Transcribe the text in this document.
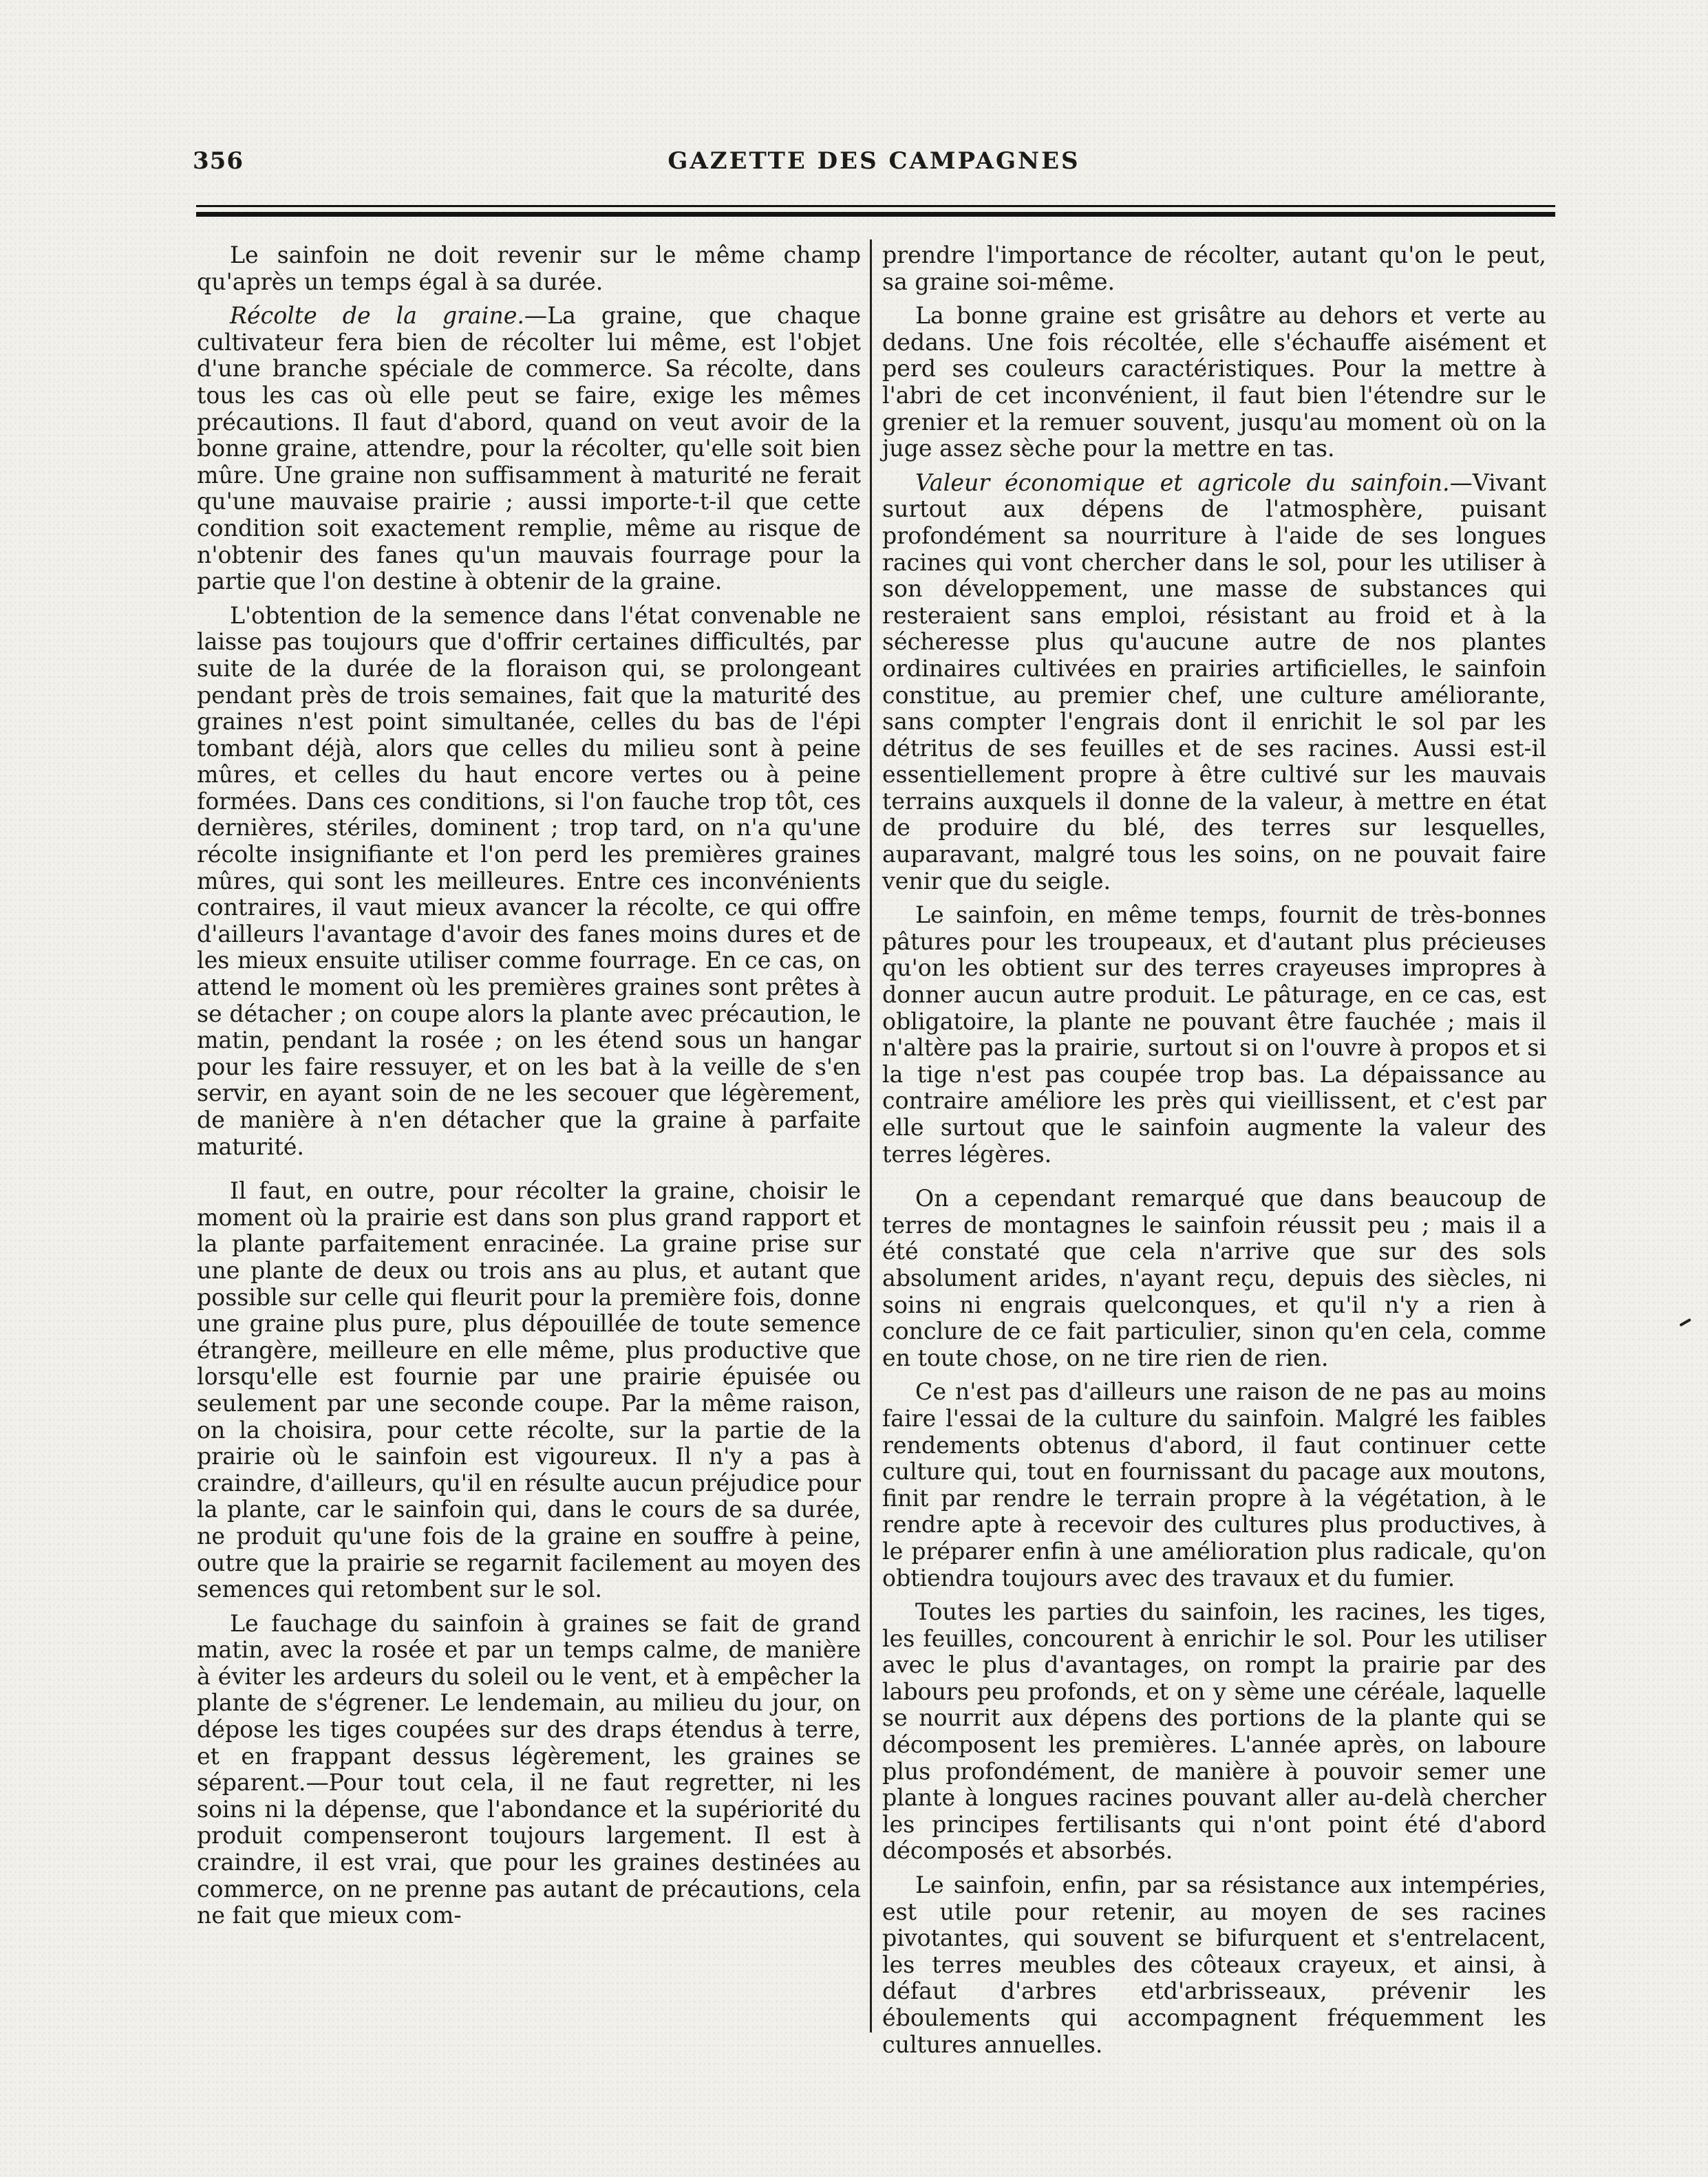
356	GAZETTE DES CAMPAGNES

Le sainfoin ne doit revenir sur le même champ qu'après un temps égal à sa durée.

Récolte de la graine.—La graine, que chaque cultivateur fera bien de récolter lui même, est l'objet d'une branche spéciale de commerce. Sa récolte, dans tous les cas où elle peut se faire, exige les mêmes précautions. Il faut d'abord, quand on veut avoir de la bonne graine, attendre, pour la récolter, qu'elle soit bien mûre. Une graine non suffisamment à maturité ne ferait qu'une mauvaise prairie ; aussi importe-t-il que cette condition soit exactement remplie, même au risque de n'obtenir des fanes qu'un mauvais fourrage pour la partie que l'on destine à obtenir de la graine.

L'obtention de la semence dans l'état convenable ne laisse pas toujours que d'offrir certaines difficultés, par suite de la durée de la floraison qui, se prolongeant pendant près de trois semaines, fait que la maturité des graines n'est point simultanée, celles du bas de l'épi tombant déjà, alors que celles du milieu sont à peine mûres, et celles du haut encore vertes ou à peine formées. Dans ces conditions, si l'on fauche trop tôt, ces dernières, stériles, dominent ; trop tard, on n'a qu'une récolte insignifiante et l'on perd les premières graines mûres, qui sont les meilleures. Entre ces inconvénients contraires, il vaut mieux avancer la récolte, ce qui offre d'ailleurs l'avantage d'avoir des fanes moins dures et de les mieux ensuite utiliser comme fourrage. En ce cas, on attend le moment où les premières graines sont prêtes à se détacher ; on coupe alors la plante avec précaution, le matin, pendant la rosée ; on les étend sous un hangar pour les faire ressuyer, et on les bat à la veille de s'en servir, en ayant soin de ne les secouer que légèrement, de manière à n'en détacher que la graine à parfaite maturité.

Il faut, en outre, pour récolter la graine, choisir le moment où la prairie est dans son plus grand rapport et la plante parfaitement enracinée. La graine prise sur une plante de deux ou trois ans au plus, et autant que possible sur celle qui fleurit pour la première fois, donne une graine plus pure, plus dépouillée de toute semence étrangère, meilleure en elle même, plus productive que lorsqu'elle est fournie par une prairie épuisée ou seulement par une seconde coupe. Par la même raison, on la choisira, pour cette récolte, sur la partie de la prairie où le sainfoin est vigoureux. Il n'y a pas à craindre, d'ailleurs, qu'il en résulte aucun préjudice pour la plante, car le sainfoin qui, dans le cours de sa durée, ne produit qu'une fois de la graine en souffre à peine, outre que la prairie se regarnit facilement au moyen des semences qui retombent sur le sol.

Le fauchage du sainfoin à graines se fait de grand matin, avec la rosée et par un temps calme, de manière à éviter les ardeurs du soleil ou le vent, et à empêcher la plante de s'égrener. Le lendemain, au milieu du jour, on dépose les tiges coupées sur des draps étendus à terre, et en frappant dessus légèrement, les graines se séparent.—Pour tout cela, il ne faut regretter, ni les soins ni la dépense, que l'abondance et la supériorité du produit compenseront toujours largement. Il est à craindre, il est vrai, que pour les graines destinées au commerce, on ne prenne pas autant de précautions, cela ne fait que mieux com-

prendre l'importance de récolter, autant qu'on le peut, sa graine soi-même.

La bonne graine est grisâtre au dehors et verte au dedans. Une fois récoltée, elle s'échauffe aisément et perd ses couleurs caractéristiques. Pour la mettre à l'abri de cet inconvénient, il faut bien l'étendre sur le grenier et la remuer souvent, jusqu'au moment où on la juge assez sèche pour la mettre en tas.

Valeur économique et agricole du sainfoin.—Vivant surtout aux dépens de l'atmosphère, puisant profondément sa nourriture à l'aide de ses longues racines qui vont chercher dans le sol, pour les utiliser à son développement, une masse de substances qui resteraient sans emploi, résistant au froid et à la sécheresse plus qu'aucune autre de nos plantes ordinaires cultivées en prairies artificielles, le sainfoin constitue, au premier chef, une culture améliorante, sans compter l'engrais dont il enrichit le sol par les détritus de ses feuilles et de ses racines. Aussi est-il essentiellement propre à être cultivé sur les mauvais terrains auxquels il donne de la valeur, à mettre en état de produire du blé, des terres sur lesquelles, auparavant, malgré tous les soins, on ne pouvait faire venir que du seigle.

Le sainfoin, en même temps, fournit de très-bonnes pâtures pour les troupeaux, et d'autant plus précieuses qu'on les obtient sur des terres crayeuses impropres à donner aucun autre produit. Le pâturage, en ce cas, est obligatoire, la plante ne pouvant être fauchée ; mais il n'altère pas la prairie, surtout si on l'ouvre à propos et si la tige n'est pas coupée trop bas. La dépaissance au contraire améliore les près qui vieillissent, et c'est par elle surtout que le sainfoin augmente la valeur des terres légères.

On a cependant remarqué que dans beaucoup de terres de montagnes le sainfoin réussit peu ; mais il a été constaté que cela n'arrive que sur des sols absolument arides, n'ayant reçu, depuis des siècles, ni soins ni engrais quelconques, et qu'il n'y a rien à conclure de ce fait particulier, sinon qu'en cela, comme en toute chose, on ne tire rien de rien.

Ce n'est pas d'ailleurs une raison de ne pas au moins faire l'essai de la culture du sainfoin. Malgré les faibles rendements obtenus d'abord, il faut continuer cette culture qui, tout en fournissant du pacage aux moutons, finit par rendre le terrain propre à la végétation, à le rendre apte à recevoir des cultures plus productives, à le préparer enfin à une amélioration plus radicale, qu'on obtiendra toujours avec des travaux et du fumier.

Toutes les parties du sainfoin, les racines, les tiges, les feuilles, concourent à enrichir le sol. Pour les utiliser avec le plus d'avantages, on rompt la prairie par des labours peu profonds, et on y sème une céréale, laquelle se nourrit aux dépens des portions de la plante qui se décomposent les premières. L'année après, on laboure plus profondément, de manière à pouvoir semer une plante à longues racines pouvant aller au-delà chercher les principes fertilisants qui n'ont point été d'abord décomposés et absorbés.

Le sainfoin, enfin, par sa résistance aux intempéries, est utile pour retenir, au moyen de ses racines pivotantes, qui souvent se bifurquent et s'entrelacent, les terres meubles des côteaux crayeux, et ainsi, à défaut d'arbres etd'arbrisseaux, prévenir les éboulements qui accompagnent fréquemment les cultures annuelles.
